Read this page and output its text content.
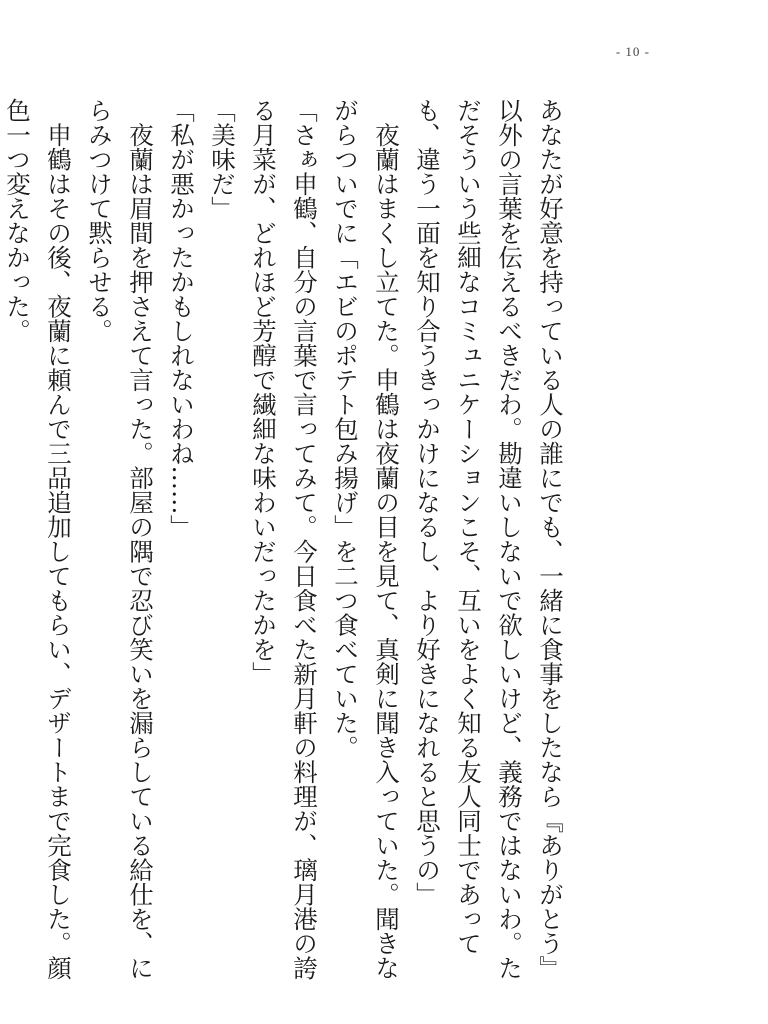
- 10 -

あなたが好意を持っている人の誰にでも、一緒に食事をしたなら『ありがとう』
以外の言葉を伝えるべきだわ。勘違いしないで欲しいけど、義務ではないわ。た
だそういう些細なコミュニケーションこそ、互いをよく知る友人同士であって
も、違う一面を知り合うきっかけになるし、より好きになれると思うの」
　夜蘭はまくし立てた。申鶴は夜蘭の目を見て、真剣に聞き入っていた。聞きな
がらついでに「エビのポテト包み揚げ」を二つ食べていた。
「さぁ申鶴、自分の言葉で言ってみて。今日食べた新月軒の料理が、璃月港の誇
る月菜が、どれほど芳醇で繊細な味わいだったかを」
「美味だ」
「私が悪かったかもしれないわね……」
　夜蘭は眉間を押さえて言った。部屋の隅で忍び笑いを漏らしている給仕を、に
らみつけて黙らせる。
　申鶴はその後、夜蘭に頼んで三品追加してもらい、デザートまで完食した。顔
色一つ変えなかった。
